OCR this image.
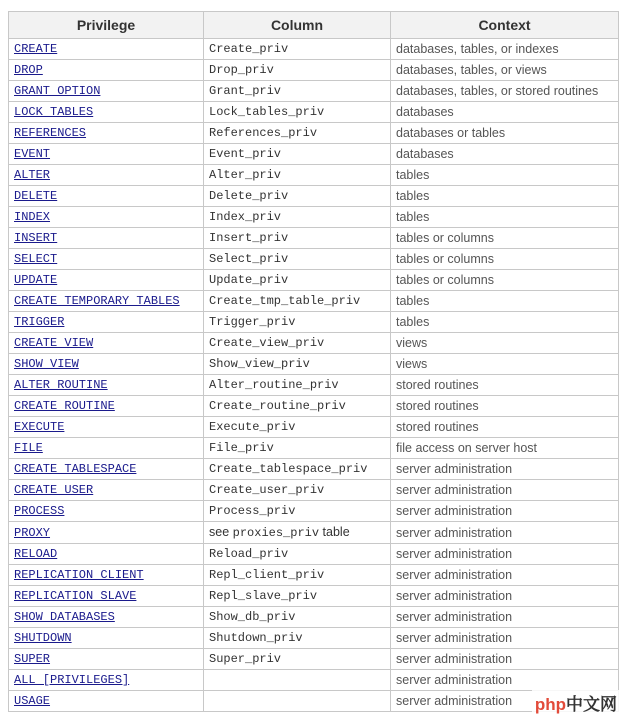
Privilege	Column	Context
CREATE	Create_priv	databases, tables, or indexes
DROP	Drop_priv	databases, tables, or views
GRANT OPTION	Grant_priv	databases, tables, or stored routines
LOCK TABLES	Lock_tables_priv	databases
REFERENCES	References_priv	databases or tables
EVENT	Event_priv	databases
ALTER	Alter_priv	tables
DELETE	Delete_priv	tables
INDEX	Index_priv	tables
INSERT	Insert_priv	tables or columns
SELECT	Select_priv	tables or columns
UPDATE	Update_priv	tables or columns
CREATE TEMPORARY TABLES	Create_tmp_table_priv	tables
TRIGGER	Trigger_priv	tables
CREATE VIEW	Create_view_priv	views
SHOW VIEW	Show_view_priv	views
ALTER ROUTINE	Alter_routine_priv	stored routines
CREATE ROUTINE	Create_routine_priv	stored routines
EXECUTE	Execute_priv	stored routines
FILE	File_priv	file access on server host
CREATE TABLESPACE	Create_tablespace_priv	server administration
CREATE USER	Create_user_priv	server administration
PROCESS	Process_priv	server administration
PROXY	see proxies_priv table	server administration
RELOAD	Reload_priv	server administration
REPLICATION CLIENT	Repl_client_priv	server administration
REPLICATION SLAVE	Repl_slave_priv	server administration
SHOW DATABASES	Show_db_priv	server administration
SHUTDOWN	Shutdown_priv	server administration
SUPER	Super_priv	server administration
ALL [PRIVILEGES]		server administration
USAGE		server administration php中文网
